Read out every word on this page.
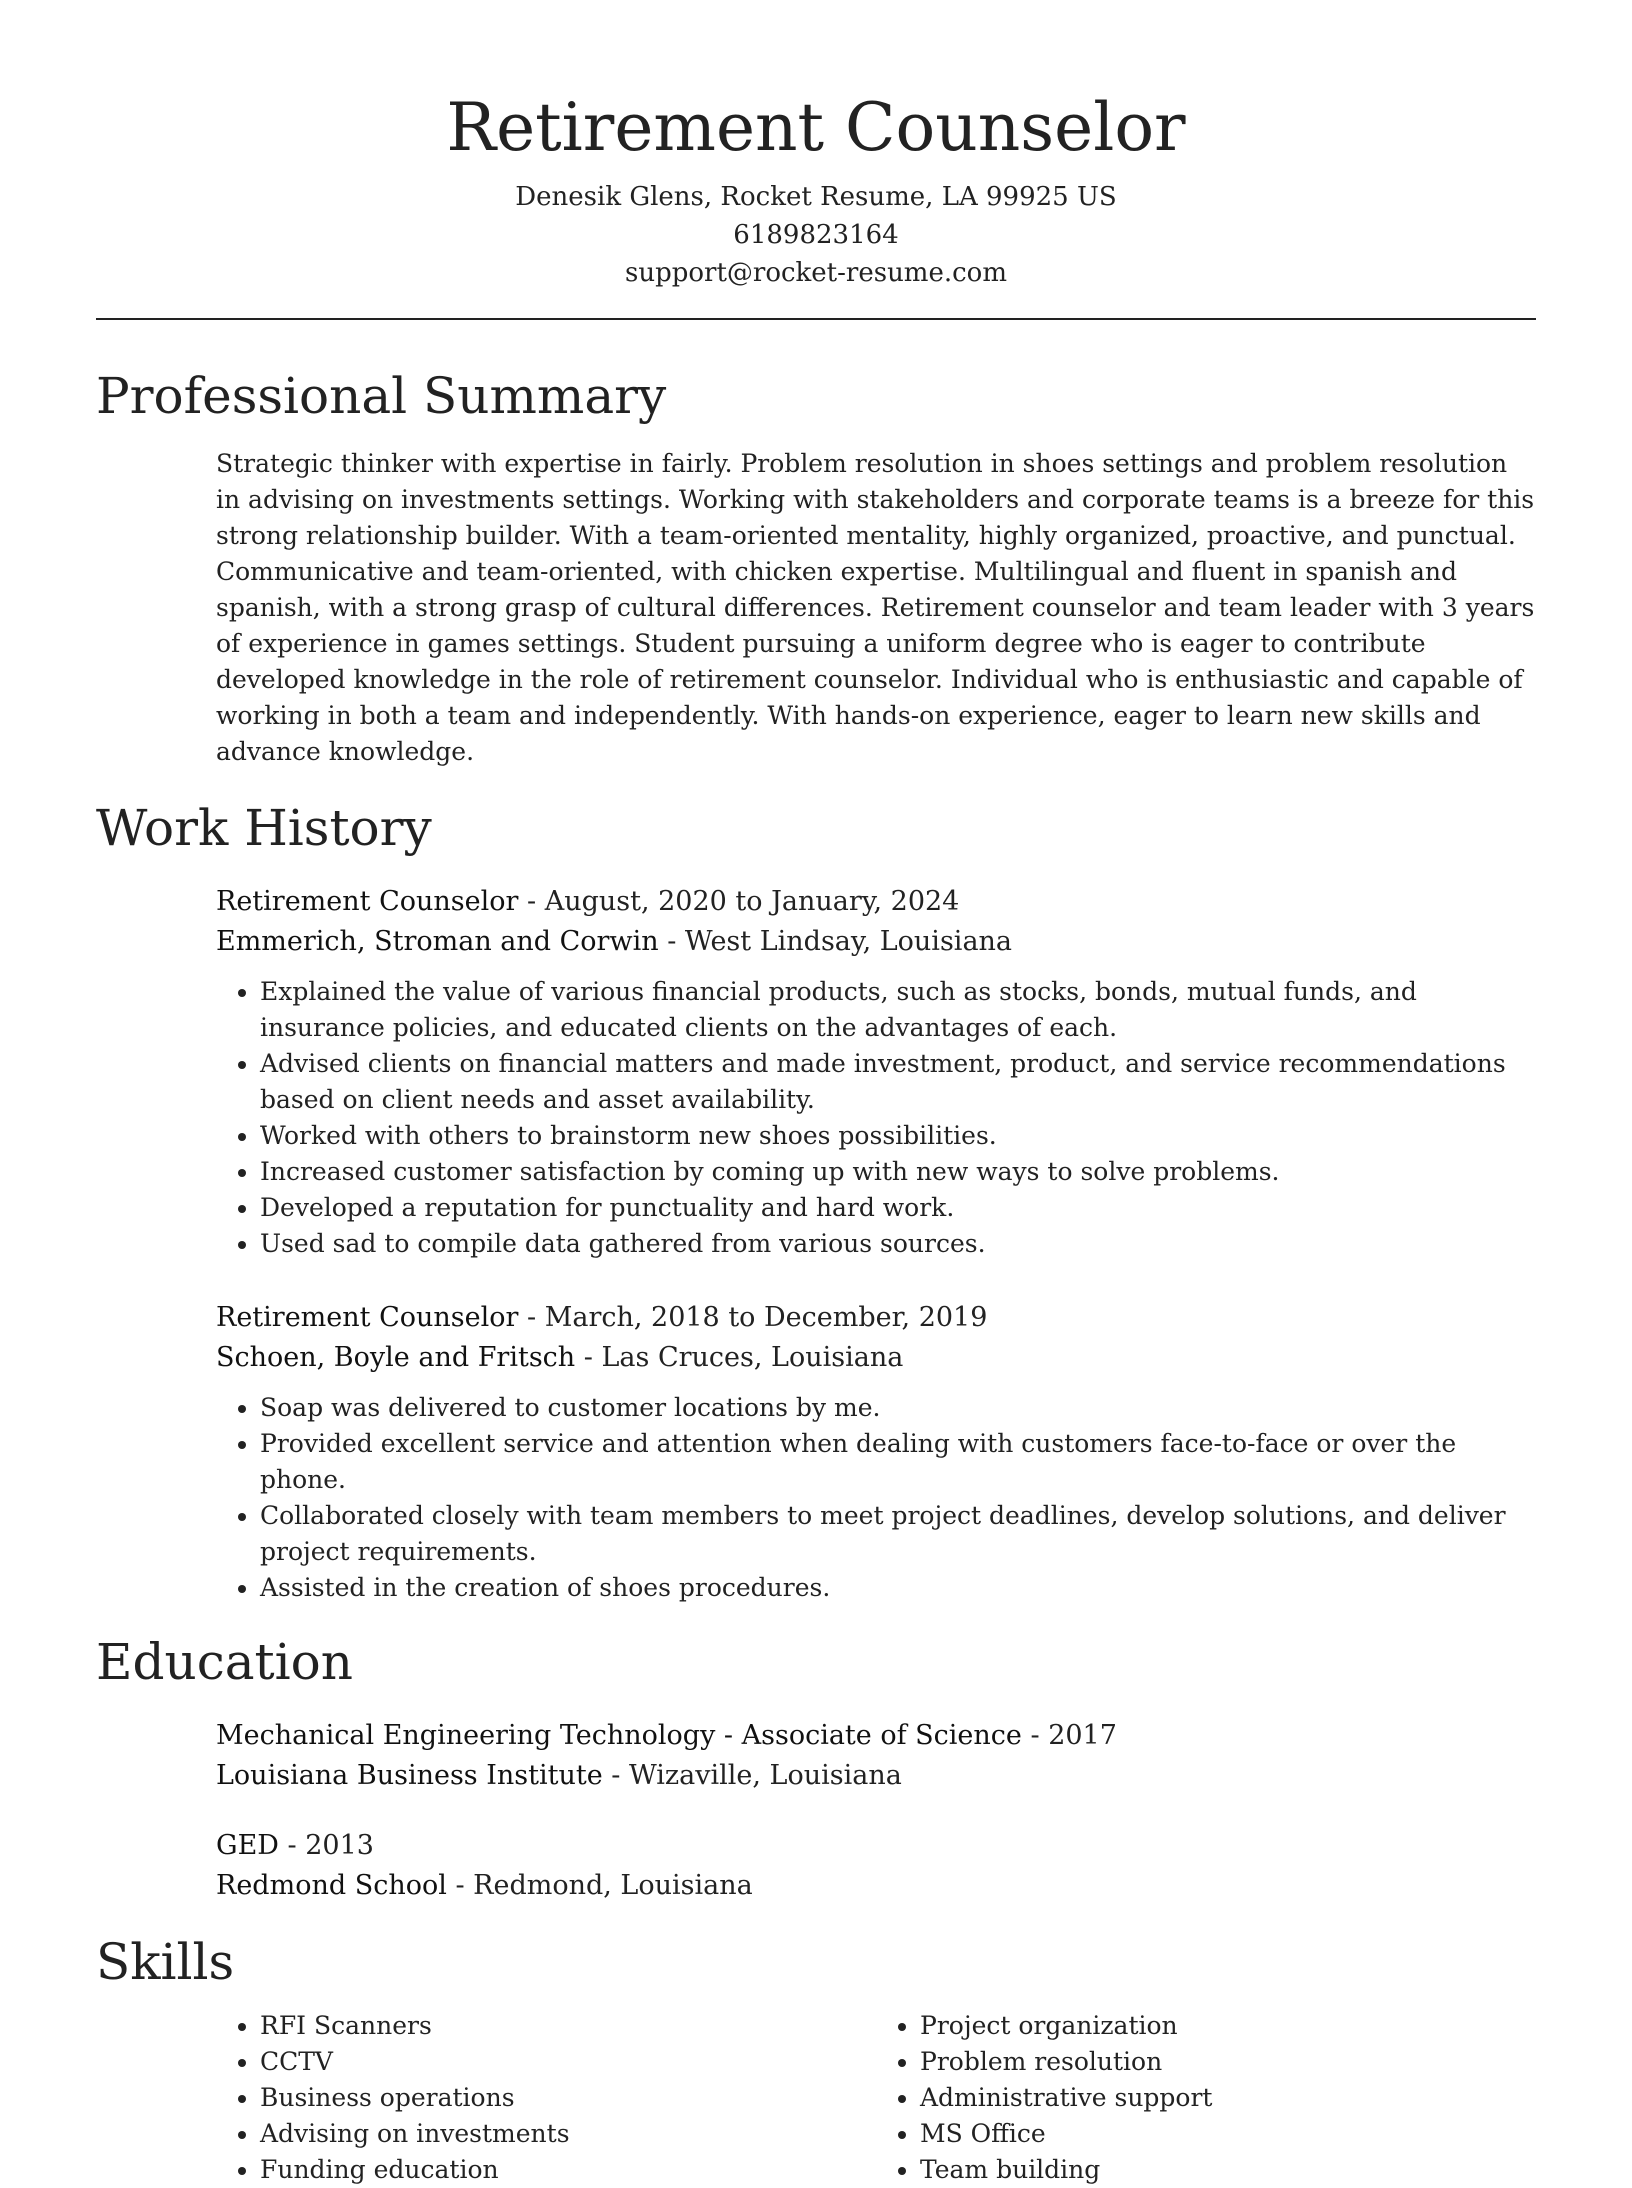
Retirement Counselor

Denesik Glens, Rocket Resume, LA 99925 US

6189823164

support@rocket-resume.com

Professional Summary

Strategic thinker with expertise in fairly. Problem resolution in shoes settings and problem resolution in advising on investments settings. Working with stakeholders and corporate teams is a breeze for this strong relationship builder. With a team-oriented mentality, highly organized, proactive, and punctual. Communicative and team-oriented, with chicken expertise. Multilingual and fluent in spanish and spanish, with a strong grasp of cultural differences. Retirement counselor and team leader with 3 years of experience in games settings. Student pursuing a uniform degree who is eager to contribute developed knowledge in the role of retirement counselor. Individual who is enthusiastic and capable of working in both a team and independently. With hands-on experience, eager to learn new skills and advance knowledge.

Work History

Retirement Counselor - August, 2020 to January, 2024

Emmerich, Stroman and Corwin - West Lindsay, Louisiana

• Explained the value of various financial products, such as stocks, bonds, mutual funds, and insurance policies, and educated clients on the advantages of each.
• Advised clients on financial matters and made investment, product, and service recommendations based on client needs and asset availability.
• Worked with others to brainstorm new shoes possibilities.
• Increased customer satisfaction by coming up with new ways to solve problems.
• Developed a reputation for punctuality and hard work.
• Used sad to compile data gathered from various sources.

Retirement Counselor - March, 2018 to December, 2019

Schoen, Boyle and Fritsch - Las Cruces, Louisiana

• Soap was delivered to customer locations by me.
• Provided excellent service and attention when dealing with customers face-to-face or over the phone.
• Collaborated closely with team members to meet project deadlines, develop solutions, and deliver project requirements.
• Assisted in the creation of shoes procedures.
Education

Mechanical Engineering Technology - Associate of Science - 2017

Louisiana Business Institute - Wizaville, Louisiana

GED - 2013

Redmond School - Redmond, Louisiana

Skills
• RFI Scanners
• CCTV
• Business operations
• Advising on investments
• Funding education
• Project organization
• Problem resolution
• Administrative support
• MS Office
• Team building
